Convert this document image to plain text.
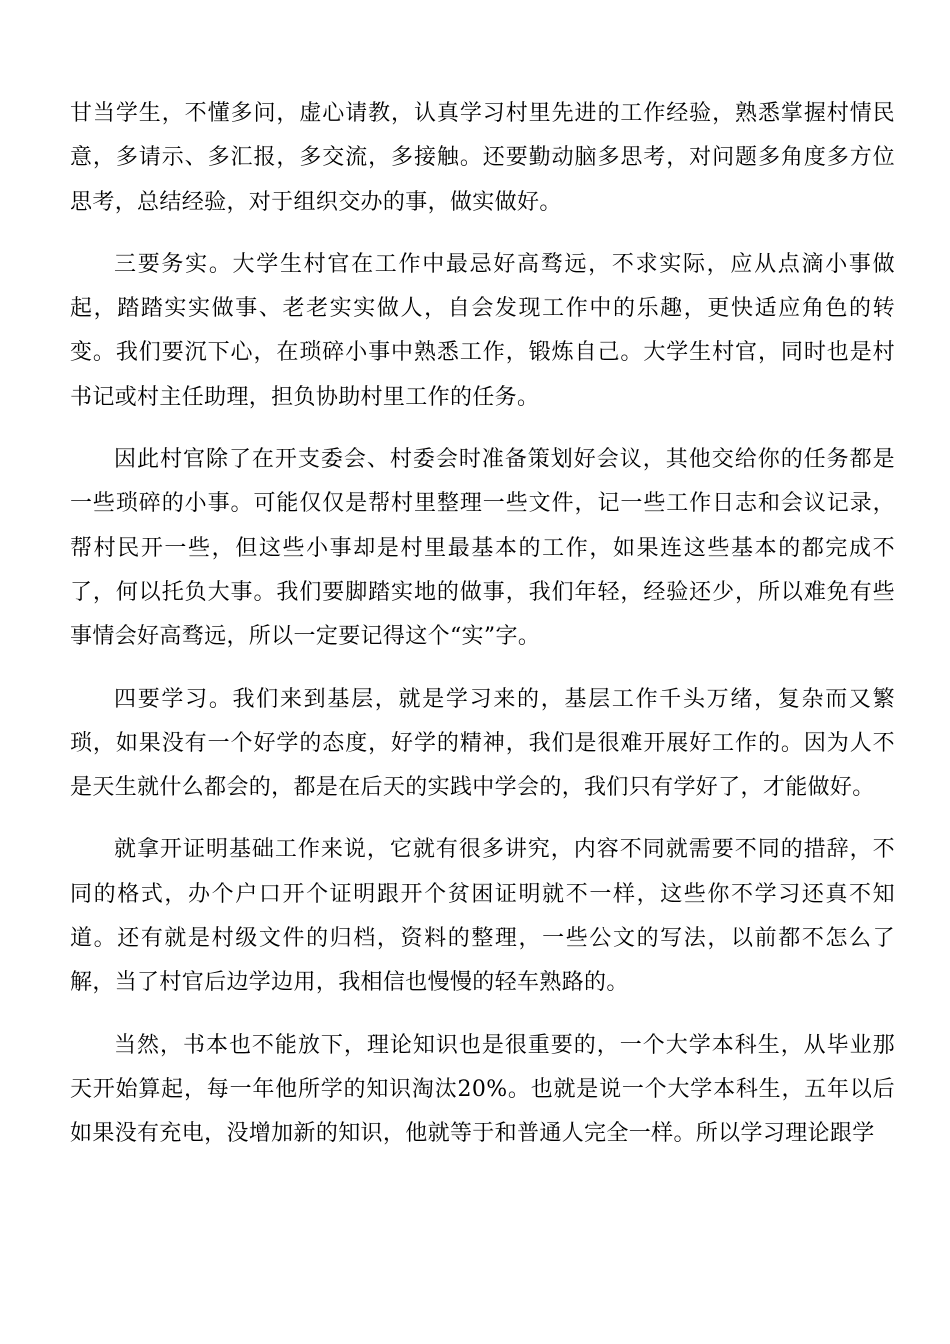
甘当学生，不懂多问，虚心请教，认真学习村里先进的工作经验，熟悉掌握村情民意，多请示、多汇报，多交流，多接触。还要勤动脑多思考，对问题多角度多方位思考，总结经验，对于组织交办的事，做实做好。

三要务实。大学生村官在工作中最忌好高骛远，不求实际，应从点滴小事做起，踏踏实实做事、老老实实做人，自会发现工作中的乐趣，更快适应角色的转变。我们要沉下心，在琐碎小事中熟悉工作，锻炼自己。大学生村官，同时也是村书记或村主任助理，担负协助村里工作的任务。

因此村官除了在开支委会、村委会时准备策划好会议，其他交给你的任务都是一些琐碎的小事。可能仅仅是帮村里整理一些文件，记一些工作日志和会议记录，帮村民开一些，但这些小事却是村里最基本的工作，如果连这些基本的都完成不了，何以托负大事。我们要脚踏实地的做事，我们年轻，经验还少，所以难免有些事情会好高骛远，所以一定要记得这个“实”字。

四要学习。我们来到基层，就是学习来的，基层工作千头万绪，复杂而又繁琐，如果没有一个好学的态度，好学的精神，我们是很难开展好工作的。因为人不是天生就什么都会的，都是在后天的实践中学会的，我们只有学好了，才能做好。

就拿开证明基础工作来说，它就有很多讲究，内容不同就需要不同的措辞，不同的格式，办个户口开个证明跟开个贫困证明就不一样，这些你不学习还真不知道。还有就是村级文件的归档，资料的整理，一些公文的写法，以前都不怎么了解，当了村官后边学边用，我相信也慢慢的轻车熟路的。

当然，书本也不能放下，理论知识也是很重要的，一个大学本科生，从毕业那天开始算起，每一年他所学的知识淘汰20%。也就是说一个大学本科生，五年以后如果没有充电，没增加新的知识，他就等于和普通人完全一样。所以学习理论跟学
